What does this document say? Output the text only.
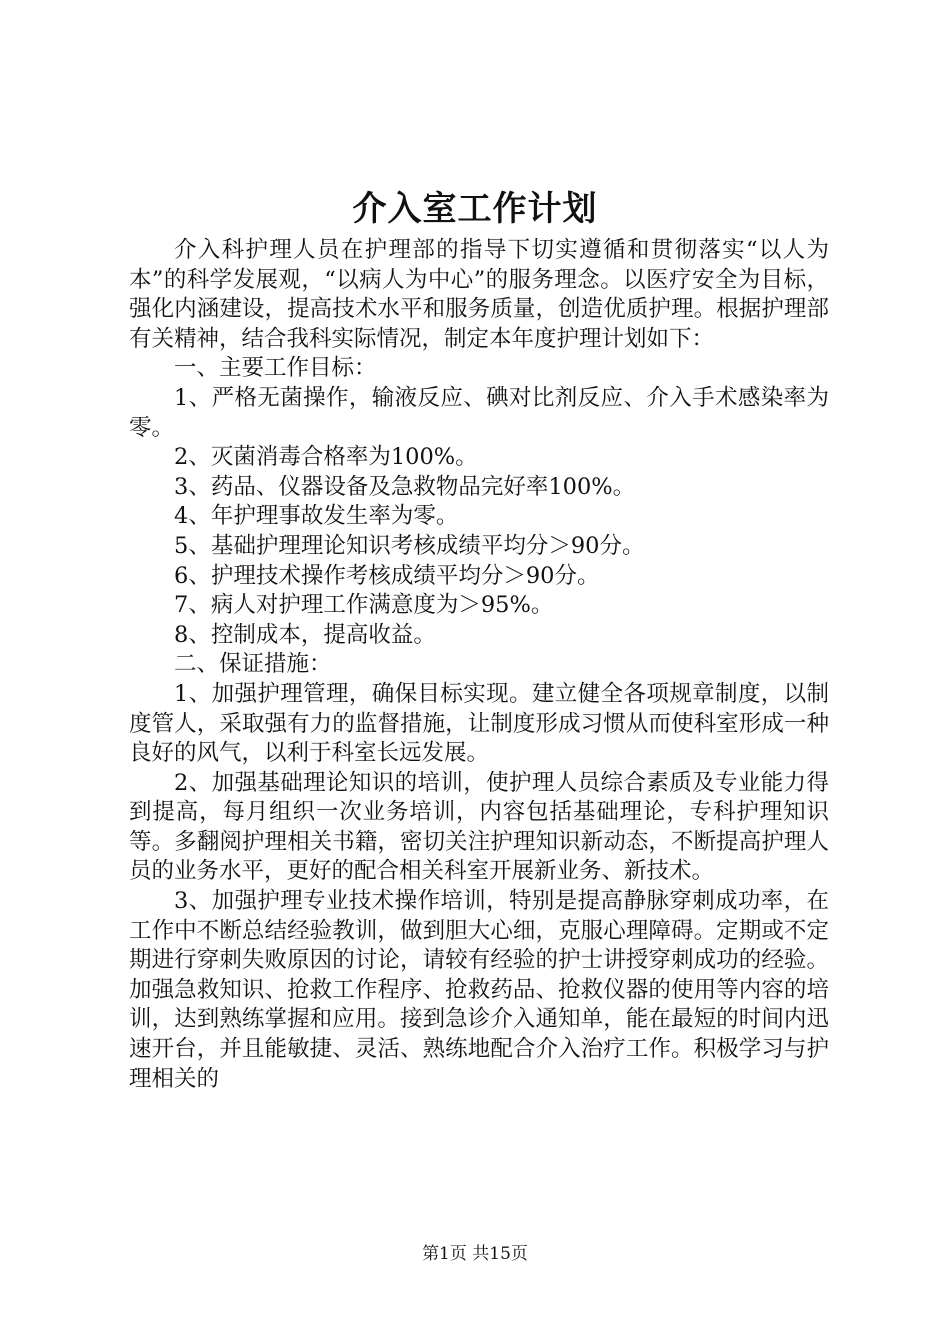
介入室工作计划

介入科护理人员在护理部的指导下切实遵循和贯彻落实“以人为本”的科学发展观，“以病人为中心”的服务理念。以医疗安全为目标，强化内涵建设，提高技术水平和服务质量，创造优质护理。根据护理部有关精神，结合我科实际情况，制定本年度护理计划如下：

一、主要工作目标：

1、严格无菌操作，输液反应、碘对比剂反应、介入手术感染率为零。

2、灭菌消毒合格率为100%。

3、药品、仪器设备及急救物品完好率100%。

4、年护理事故发生率为零。

5、基础护理理论知识考核成绩平均分＞90分。

6、护理技术操作考核成绩平均分＞90分。

7、病人对护理工作满意度为＞95%。

8、控制成本，提高收益。

二、保证措施：

1、加强护理管理，确保目标实现。建立健全各项规章制度，以制度管人，采取强有力的监督措施，让制度形成习惯从而使科室形成一种良好的风气，以利于科室长远发展。

2、加强基础理论知识的培训，使护理人员综合素质及专业能力得到提高，每月组织一次业务培训，内容包括基础理论，专科护理知识等。多翻阅护理相关书籍，密切关注护理知识新动态，不断提高护理人员的业务水平，更好的配合相关科室开展新业务、新技术。

3、加强护理专业技术操作培训，特别是提高静脉穿刺成功率，在工作中不断总结经验教训，做到胆大心细，克服心理障碍。定期或不定期进行穿刺失败原因的讨论，请较有经验的护士讲授穿刺成功的经验。加强急救知识、抢救工作程序、抢救药品、抢救仪器的使用等内容的培训，达到熟练掌握和应用。接到急诊介入通知单，能在最短的时间内迅速开台，并且能敏捷、灵活、熟练地配合介入治疗工作。积极学习与护理相关的

第1页 共15页
